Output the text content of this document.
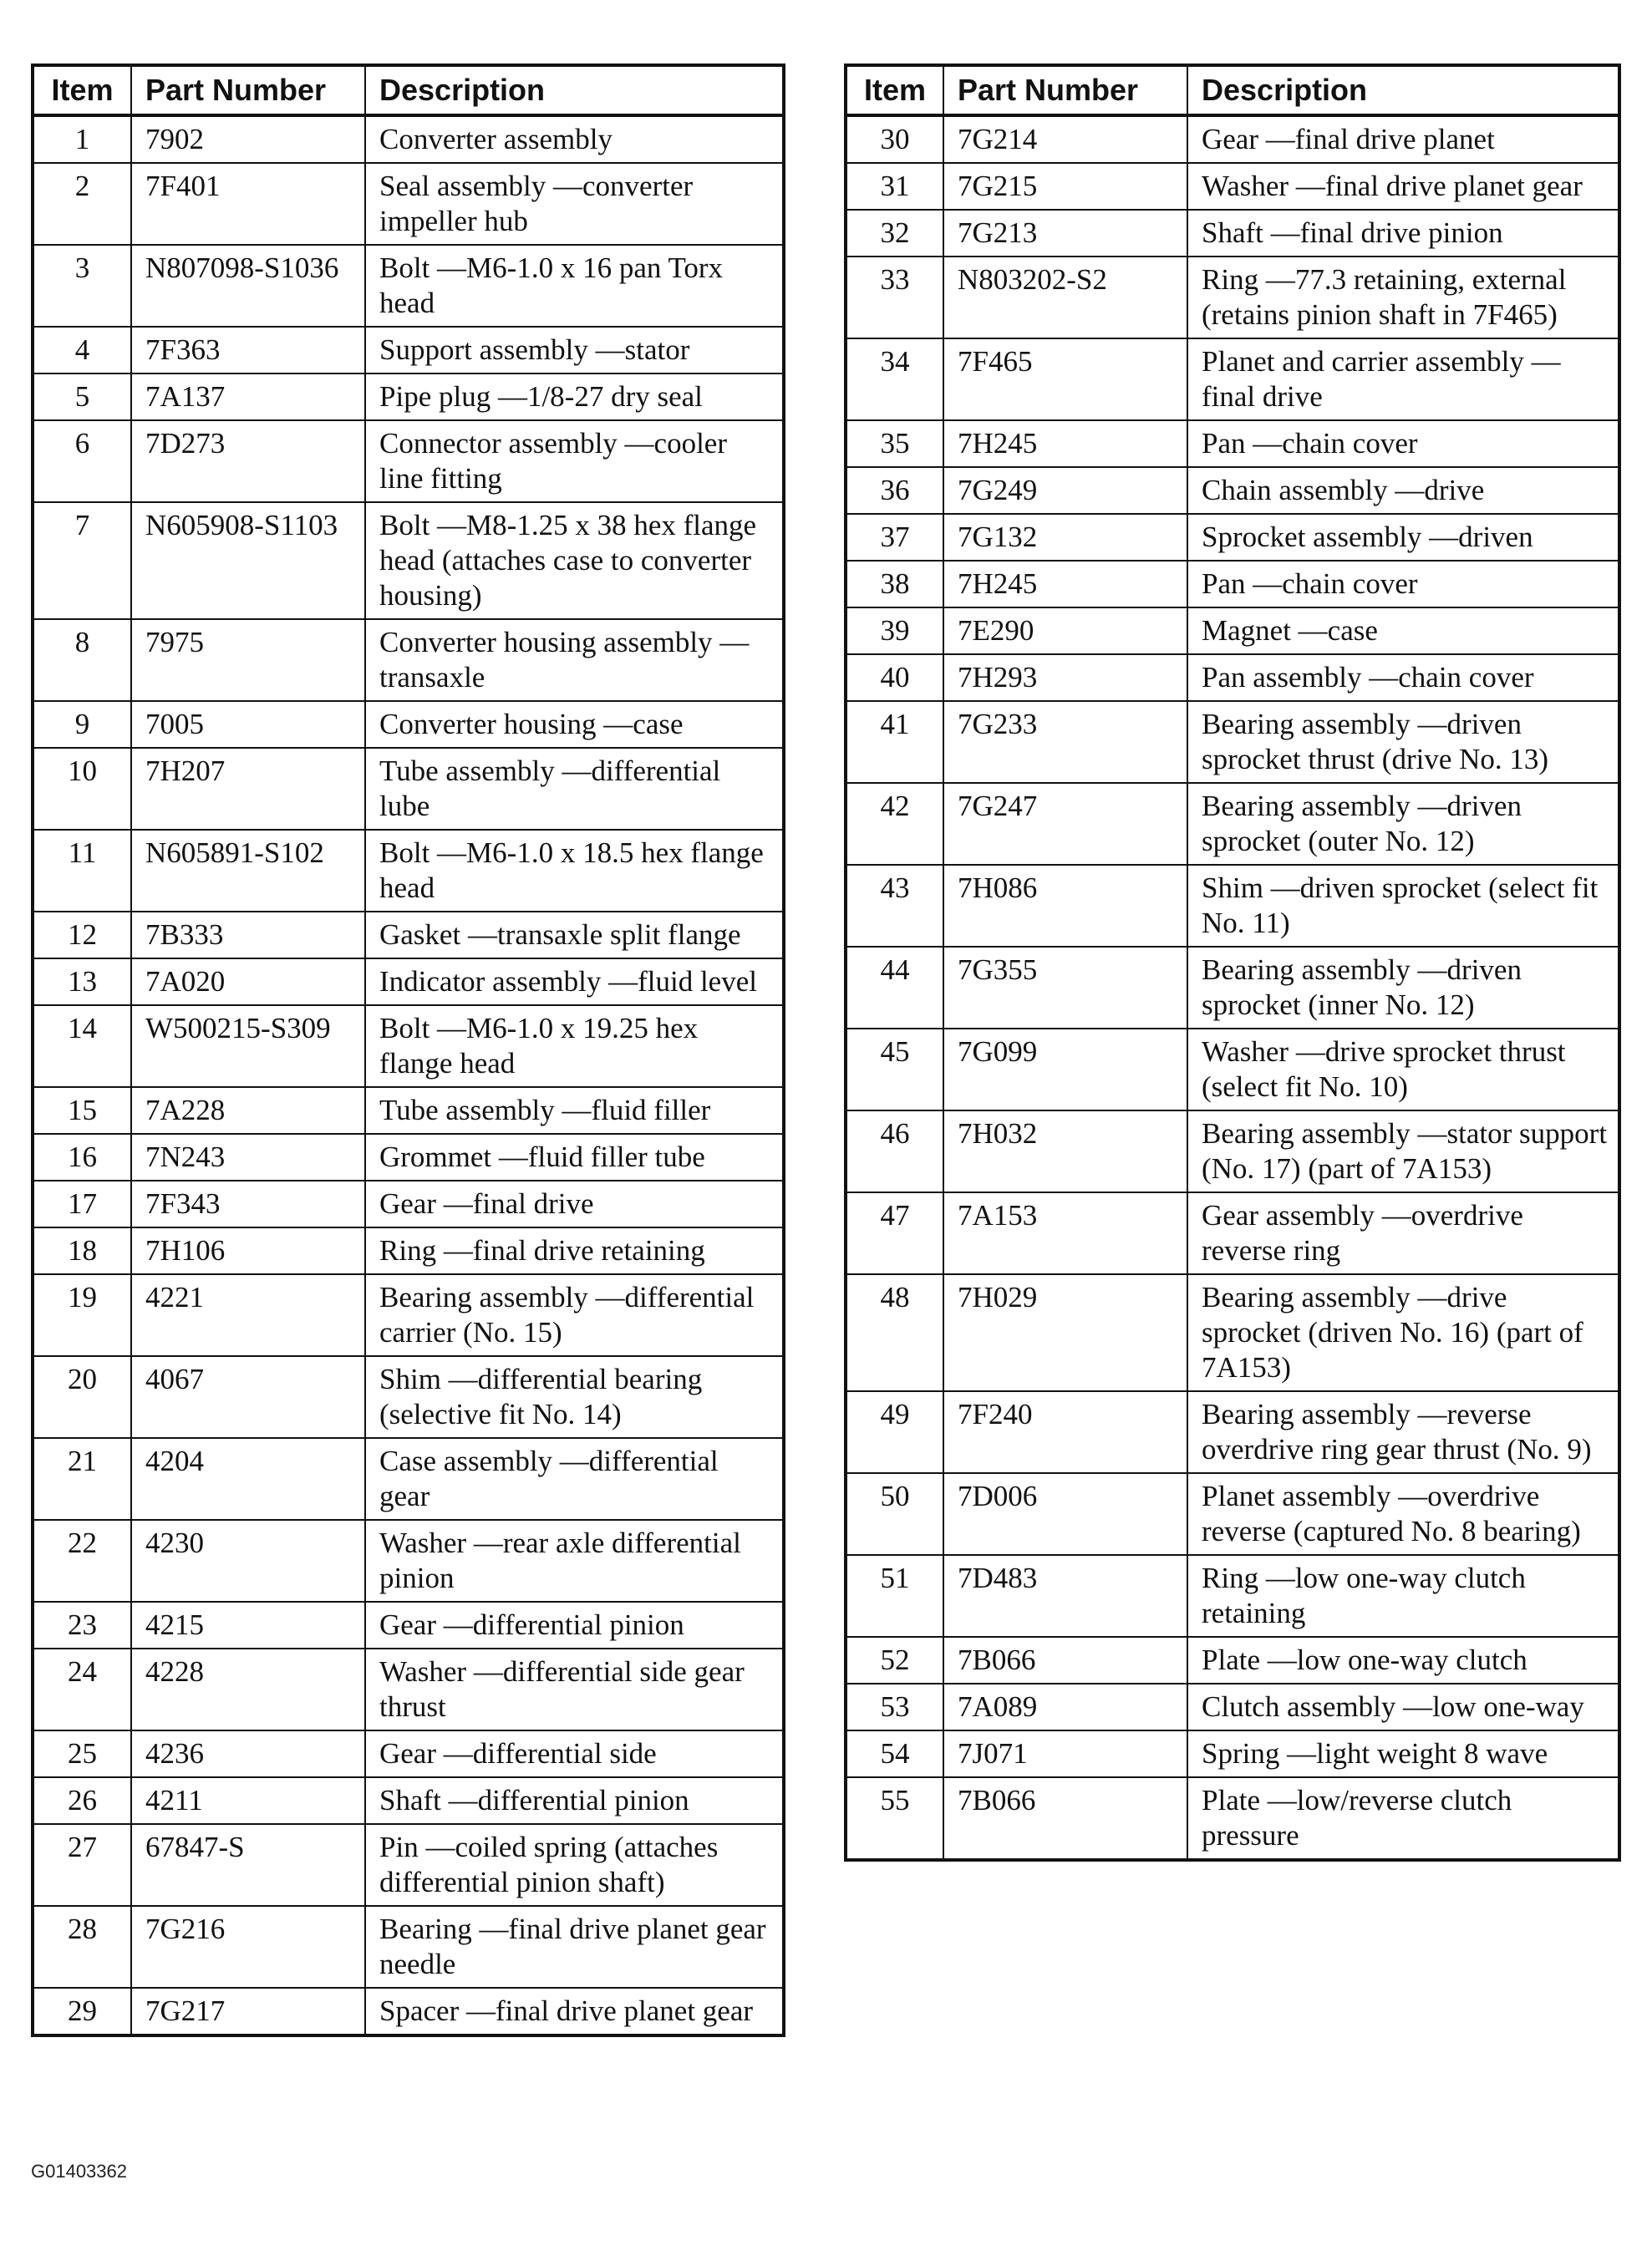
Item	Part Number	Description
1	7902	Converter assembly
2	7F401	Seal assembly —converter impeller hub
3	N807098-S1036	Bolt —M6-1.0 x 16 pan Torx head
4	7F363	Support assembly —stator
5	7A137	Pipe plug —1/8-27 dry seal
6	7D273	Connector assembly —cooler line fitting
7	N605908-S1103	Bolt —M8-1.25 x 38 hex flange head (attaches case to converter housing)
8	7975	Converter housing assembly —transaxle
9	7005	Converter housing —case
10	7H207	Tube assembly —differential lube
11	N605891-S102	Bolt —M6-1.0 x 18.5 hex flange head
12	7B333	Gasket —transaxle split flange
13	7A020	Indicator assembly —fluid level
14	W500215-S309	Bolt —M6-1.0 x 19.25 hex flange head
15	7A228	Tube assembly —fluid filler
16	7N243	Grommet —fluid filler tube
17	7F343	Gear —final drive
18	7H106	Ring —final drive retaining
19	4221	Bearing assembly —differential carrier (No. 15)
20	4067	Shim —differential bearing (selective fit No. 14)
21	4204	Case assembly —differential gear
22	4230	Washer —rear axle differential pinion
23	4215	Gear —differential pinion
24	4228	Washer —differential side gear thrust
25	4236	Gear —differential side
26	4211	Shaft —differential pinion
27	67847-S	Pin —coiled spring (attaches differential pinion shaft)
28	7G216	Bearing —final drive planet gear needle
29	7G217	Spacer —final drive planet gear
Item	Part Number	Description
30	7G214	Gear —final drive planet
31	7G215	Washer —final drive planet gear
32	7G213	Shaft —final drive pinion
33	N803202-S2	Ring —77.3 retaining, external (retains pinion shaft in 7F465)
34	7F465	Planet and carrier assembly —final drive
35	7H245	Pan —chain cover
36	7G249	Chain assembly —drive
37	7G132	Sprocket assembly —driven
38	7H245	Pan —chain cover
39	7E290	Magnet —case
40	7H293	Pan assembly —chain cover
41	7G233	Bearing assembly —driven sprocket thrust (drive No. 13)
42	7G247	Bearing assembly —driven sprocket (outer No. 12)
43	7H086	Shim —driven sprocket (select fit No. 11)
44	7G355	Bearing assembly —driven sprocket (inner No. 12)
45	7G099	Washer —drive sprocket thrust (select fit No. 10)
46	7H032	Bearing assembly —stator support (No. 17) (part of 7A153)
47	7A153	Gear assembly —overdrive reverse ring
48	7H029	Bearing assembly —drive sprocket (driven No. 16) (part of 7A153)
49	7F240	Bearing assembly —reverse overdrive ring gear thrust (No. 9)
50	7D006	Planet assembly —overdrive reverse (captured No. 8 bearing)
51	7D483	Ring —low one-way clutch retaining
52	7B066	Plate —low one-way clutch
53	7A089	Clutch assembly —low one-way
54	7J071	Spring —light weight 8 wave
55	7B066	Plate —low/reverse clutch pressure
G01403362
